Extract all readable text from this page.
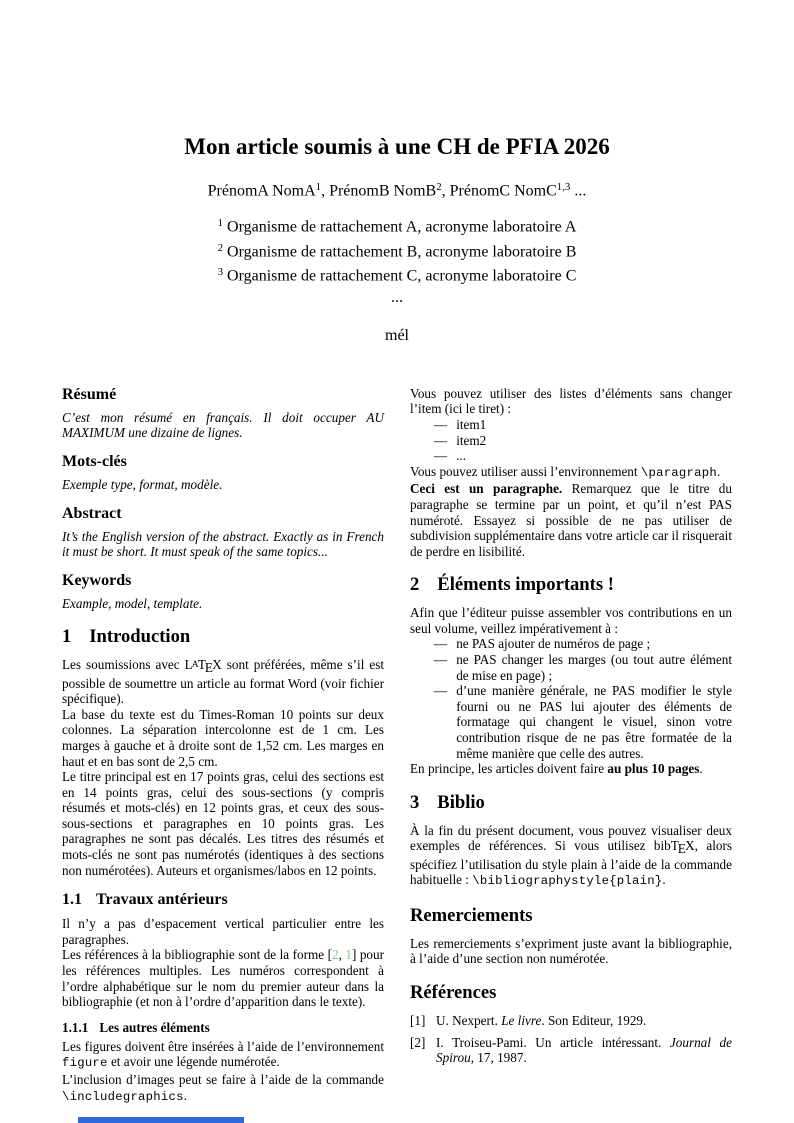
Mon article soumis à une CH de PFIA 2026
PrénomA NomA$^1$, PrénomB NomB$^2$, PrénomC NomC$^{1,3}$ ...
$^1$ Organisme de rattachement A, acronyme laboratoire A
$^2$ Organisme de rattachement B, acronyme laboratoire B
$^3$ Organisme de rattachement C, acronyme laboratoire C
...
mél
Résumé

C’est mon résumé en français. Il doit occuper AU MAXIMUM une dizaine de lignes.

Mots-clés

Exemple type, format, modèle.

Abstract

It’s the English version of the abstract. Exactly as in French it must be short. It must speak of the same topics...

Keywords

Example, model, template.

1 Introduction

Les soumissions avec $L^ATEX$ sont préférées, même s’il est possible de soumettre un article au format Word (voir fichier spécifique).

La base du texte est du Times-Roman 10 points sur deux colonnes. La séparation intercolonne est de 1 cm. Les marges à gauche et à droite sont de 1,52 cm. Les marges en haut et en bas sont de 2,5 cm.

Le titre principal est en 17 points gras, celui des sections est en 14 points gras, celui des sous-sections (y compris résumés et mots-clés) en 12 points gras, et ceux des sous-sous-sections et paragraphes en 10 points gras. Les paragraphes ne sont pas décalés. Les titres des résumés et mots-clés ne sont pas numérotés (identiques à des sections non numérotées). Auteurs et organismes/labos en 12 points.

1.1 Travaux antérieurs

Il n’y a pas d’espacement vertical particulier entre les paragraphes.

Les références à la bibliographie sont de la forme [2, 1] pour les références multiples. Les numéros correspondent à l’ordre alphabétique sur le nom du premier auteur dans la bibliographie (et non à l’ordre d’apparition dans le texte).

1.1.1 Les autres éléments

Les figures doivent être insérées à l’aide de l’environnement figure et avoir une légende numérotée.

L’inclusion d’images peut se faire à l’aide de la commande \includegraphics.

Vous pouvez utiliser des listes d’éléments sans changer l’item (ici le tiret) :

— item1
— item2
— ...

Vous pouvez utiliser aussi l’environnement \paragraph.

Ceci est un paragraphe. Remarquez que le titre du paragraphe se termine par un point, et qu’il n’est PAS numéroté. Essayez si possible de ne pas utiliser de subdivision supplémentaire dans votre article car il risquerait de perdre en lisibilité.

2 Éléments importants !

Afin que l’éditeur puisse assembler vos contributions en un seul volume, veillez impérativement à :

— ne PAS ajouter de numéros de page ;
— ne PAS changer les marges (ou tout autre élément de mise en page) ;
— d’une manière générale, ne PAS modifier le style fourni ou ne PAS lui ajouter des éléments de formatage qui changent le visuel, sinon votre contribution risque de ne pas être formatée de la même manière que celle des autres.

En principe, les articles doivent faire au plus 10 pages.

3 Biblio

À la fin du présent document, vous pouvez visualiser deux exemples de références. Si vous utilisez bibTEX, alors spécifiez l’utilisation du style plain à l’aide de la commande habituelle : \bibliographystyle{plain}.

Remerciements

Les remerciements s’expriment juste avant la bibliographie, à l’aide d’une section non numérotée.

Références
[1] U. Nexpert. Le livre. Son Editeur, 1929.
[2] I. Troiseu-Pami. Un article intéressant. Journal de Spirou, 17, 1987.
